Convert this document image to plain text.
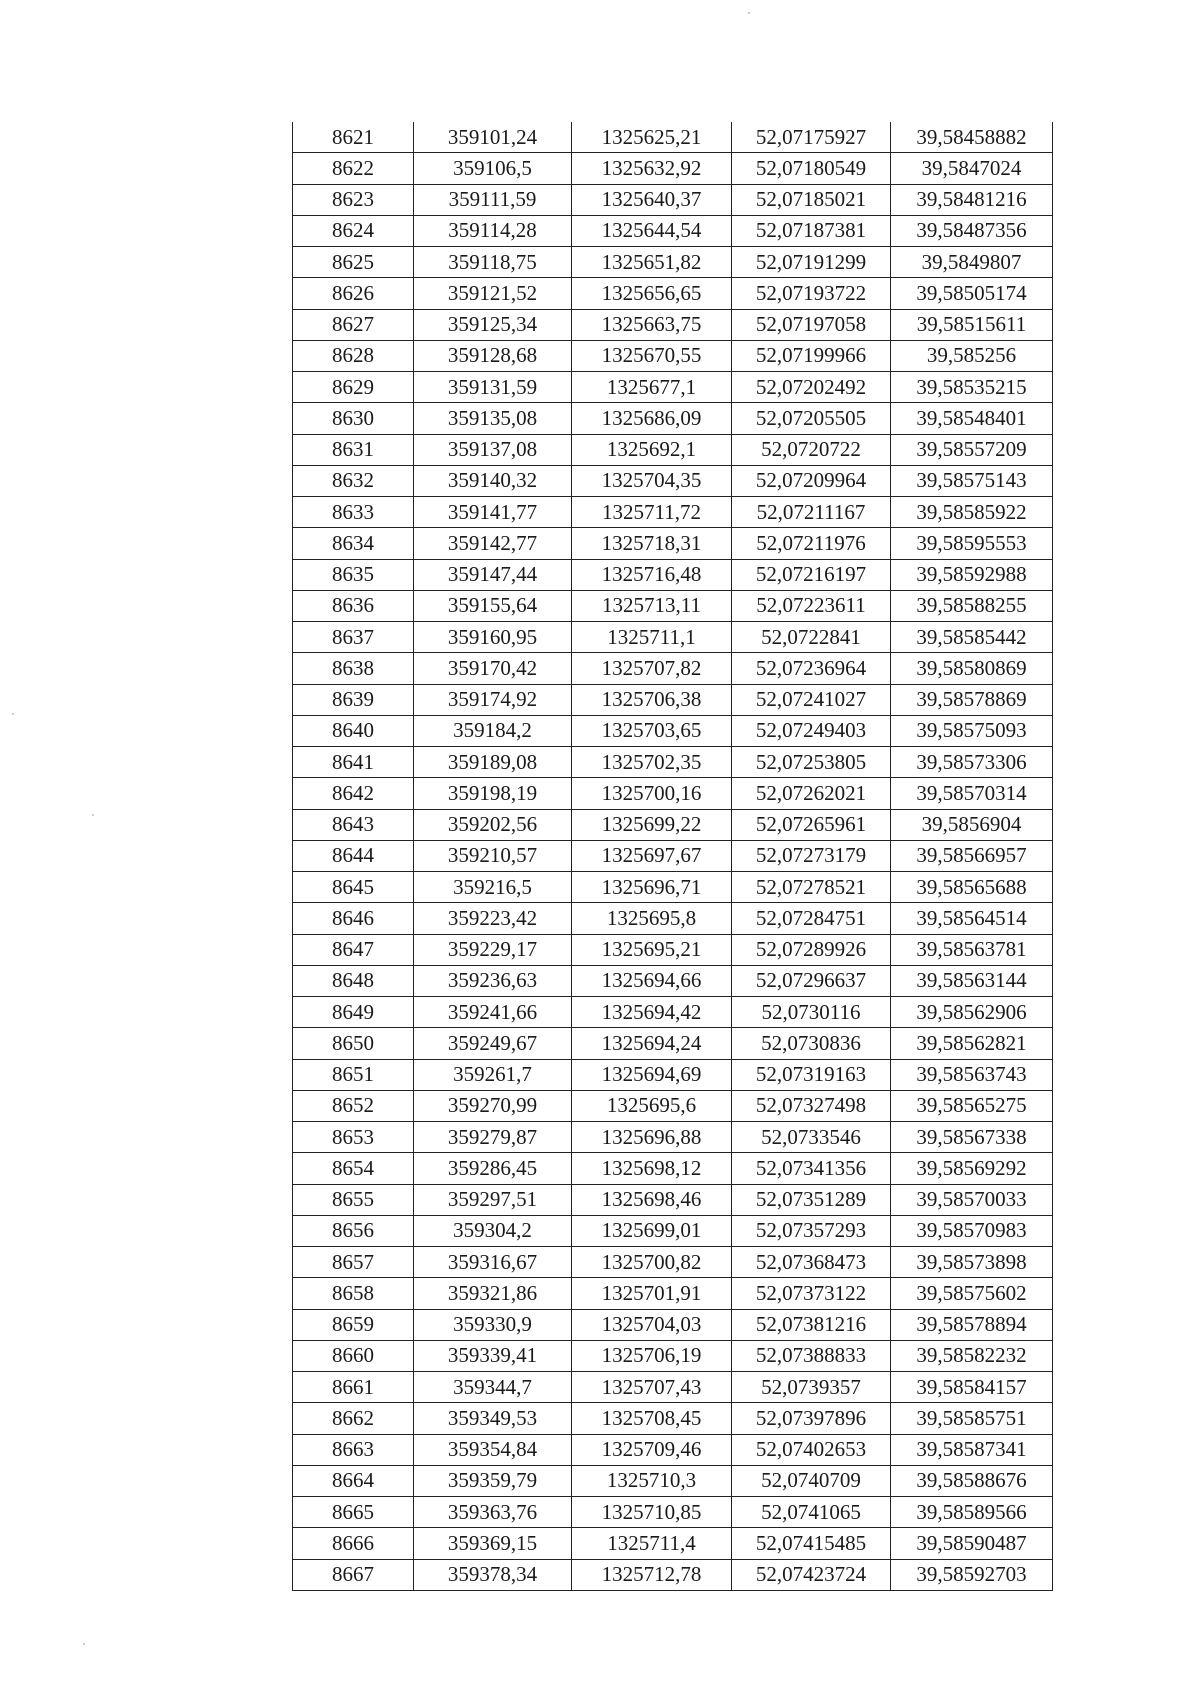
8621	359101,24	1325625,21	52,07175927	39,58458882
8622	359106,5	1325632,92	52,07180549	39,5847024
8623	359111,59	1325640,37	52,07185021	39,58481216
8624	359114,28	1325644,54	52,07187381	39,58487356
8625	359118,75	1325651,82	52,07191299	39,5849807
8626	359121,52	1325656,65	52,07193722	39,58505174
8627	359125,34	1325663,75	52,07197058	39,58515611
8628	359128,68	1325670,55	52,07199966	39,585256
8629	359131,59	1325677,1	52,07202492	39,58535215
8630	359135,08	1325686,09	52,07205505	39,58548401
8631	359137,08	1325692,1	52,0720722	39,58557209
8632	359140,32	1325704,35	52,07209964	39,58575143
8633	359141,77	1325711,72	52,07211167	39,58585922
8634	359142,77	1325718,31	52,07211976	39,58595553
8635	359147,44	1325716,48	52,07216197	39,58592988
8636	359155,64	1325713,11	52,07223611	39,58588255
8637	359160,95	1325711,1	52,0722841	39,58585442
8638	359170,42	1325707,82	52,07236964	39,58580869
8639	359174,92	1325706,38	52,07241027	39,58578869
8640	359184,2	1325703,65	52,07249403	39,58575093
8641	359189,08	1325702,35	52,07253805	39,58573306
8642	359198,19	1325700,16	52,07262021	39,58570314
8643	359202,56	1325699,22	52,07265961	39,5856904
8644	359210,57	1325697,67	52,07273179	39,58566957
8645	359216,5	1325696,71	52,07278521	39,58565688
8646	359223,42	1325695,8	52,07284751	39,58564514
8647	359229,17	1325695,21	52,07289926	39,58563781
8648	359236,63	1325694,66	52,07296637	39,58563144
8649	359241,66	1325694,42	52,0730116	39,58562906
8650	359249,67	1325694,24	52,0730836	39,58562821
8651	359261,7	1325694,69	52,07319163	39,58563743
8652	359270,99	1325695,6	52,07327498	39,58565275
8653	359279,87	1325696,88	52,0733546	39,58567338
8654	359286,45	1325698,12	52,07341356	39,58569292
8655	359297,51	1325698,46	52,07351289	39,58570033
8656	359304,2	1325699,01	52,07357293	39,58570983
8657	359316,67	1325700,82	52,07368473	39,58573898
8658	359321,86	1325701,91	52,07373122	39,58575602
8659	359330,9	1325704,03	52,07381216	39,58578894
8660	359339,41	1325706,19	52,07388833	39,58582232
8661	359344,7	1325707,43	52,0739357	39,58584157
8662	359349,53	1325708,45	52,07397896	39,58585751
8663	359354,84	1325709,46	52,07402653	39,58587341
8664	359359,79	1325710,3	52,0740709	39,58588676
8665	359363,76	1325710,85	52,0741065	39,58589566
8666	359369,15	1325711,4	52,07415485	39,58590487
8667	359378,34	1325712,78	52,07423724	39,58592703
